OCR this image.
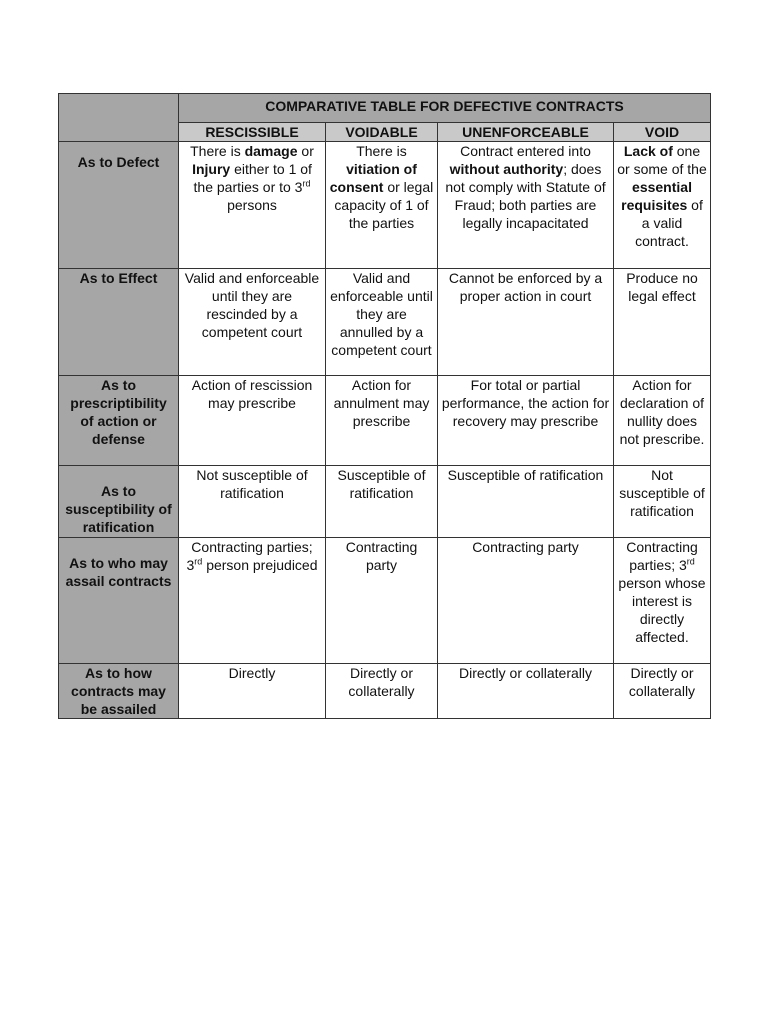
	COMPARATIVE TABLE FOR DEFECTIVE CONTRACTS			
	RESCISSIBLE	VOIDABLE	UNENFORCEABLE	VOID
As to Defect	There is damage or Injury either to 1 of the parties or to 3rd persons	There is vitiation of consent or legal capacity of 1 of the parties	Contract entered into without authority; does not comply with Statute of Fraud; both parties are legally incapacitated	Lack of one or some of the essential requisites of a valid contract.
As to Effect	Valid and enforceable until they are rescinded by a competent court	Valid and enforceable until they are annulled by a competent court	Cannot be enforced by a proper action in court	Produce no legal effect
As to prescriptibility of action or defense	Action of rescission may prescribe	Action for annulment may prescribe	For total or partial performance, the action for recovery may prescribe	Action for declaration of nullity does not prescribe.
As to susceptibility of ratification	Not susceptible of ratification	Susceptible of ratification	Susceptible of ratification	Not susceptible of ratification
As to who may assail contracts	Contracting parties; 3rd person prejudiced	Contracting party	Contracting party	Contracting parties; 3rd person whose interest is directly affected.
As to how contracts may be assailed	Directly	Directly or collaterally	Directly or collaterally	Directly or collaterally
